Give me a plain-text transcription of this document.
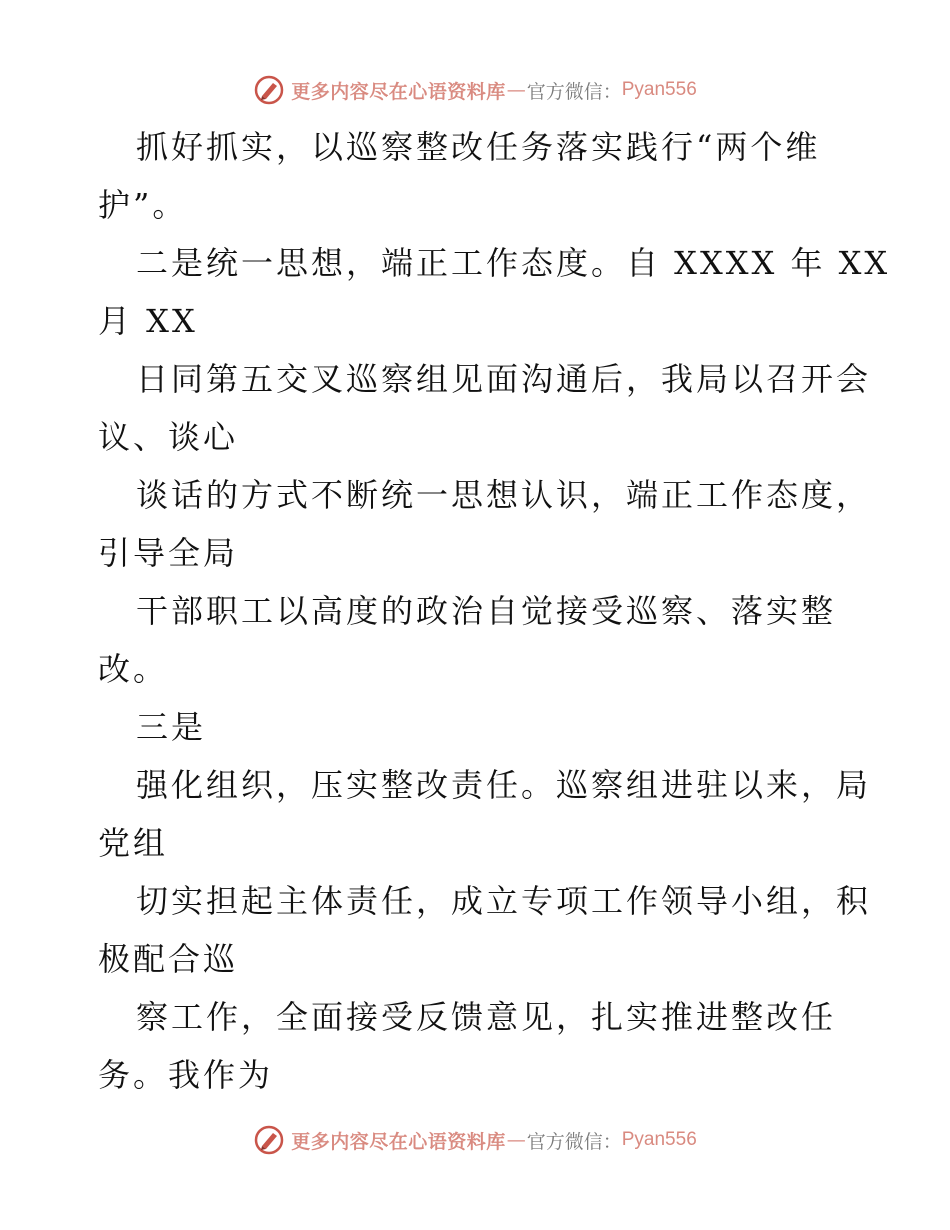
更多内容尽在心语资料库 — 官方微信： Pyan556
抓好抓实，以巡察整改任务落实践行“两个维
护”。
二是统一思想，端正工作态度。自 XXXX 年 XX
月 XX
日同第五交叉巡察组见面沟通后，我局以召开会
议、谈心
谈话的方式不断统一思想认识，端正工作态度，
引导全局
干部职工以高度的政治自觉接受巡察、落实整
改。
三是
强化组织，压实整改责任。巡察组进驻以来，局
党组
切实担起主体责任，成立专项工作领导小组，积
极配合巡
察工作，全面接受反馈意见，扎实推进整改任
务。我作为
更多内容尽在心语资料库 — 官方微信： Pyan556
